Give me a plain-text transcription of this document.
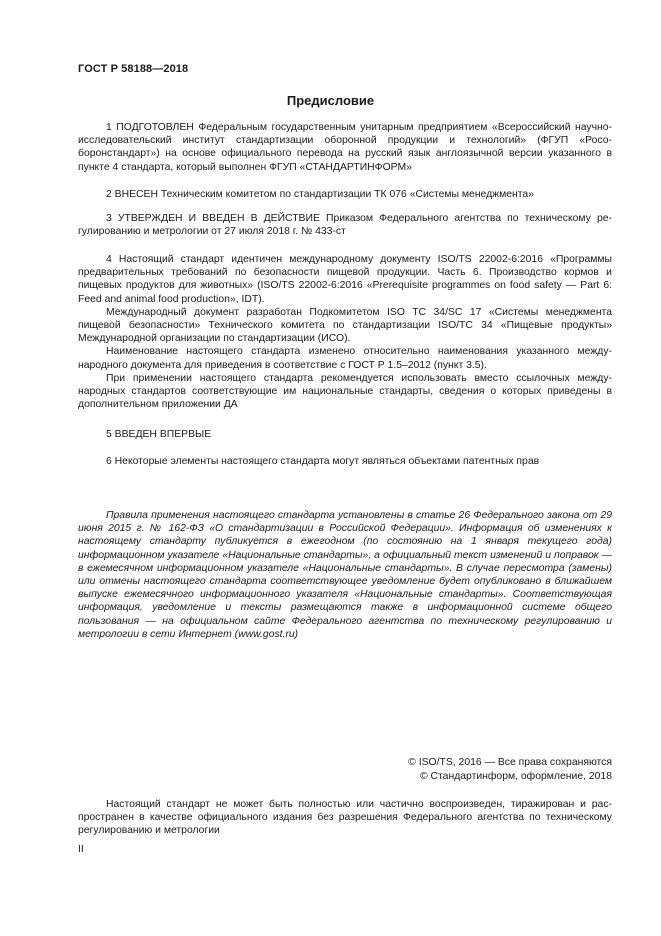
ГОСТ Р 58188—2018
Предисловие

1 ПОДГОТОВЛЕН Федеральным государственным унитарным предприятием «Всероссийский научно-исследовательский институт стандартизации оборонной продукции и технологий» (ФГУП «Рособоронстандарт») на основе официального перевода на русский язык англоязычной версии указанного в пункте 4 стандарта, который выполнен ФГУП «СТАНДАРТИНФОРМ»

2 ВНЕСЕН Техническим комитетом по стандартизации ТК 076 «Системы менеджмента»

3 УТВЕРЖДЕН И ВВЕДЕН В ДЕЙСТВИЕ Приказом Федерального агентства по техническому регулированию и метрологии от 27 июля 2018 г. № 433-ст

4 Настоящий стандарт идентичен международному документу ISO/TS 22002-6:2016 «Программы предварительных требований по безопасности пищевой продукции. Часть 6. Производство кормов и пищевых продуктов для животных» (ISO/TS 22002-6:2016 «Prerequisite programmes on food safety — Part 6: Feed and animal food production», IDT).

Международный документ разработан Подкомитетом ISO TC 34/SC 17 «Системы менеджмента пищевой безопасности» Технического комитета по стандартизации ISO/TC 34 «Пищевые продукты» Международной организации по стандартизации (ИСО).

Наименование настоящего стандарта изменено относительно наименования указанного международного документа для приведения в соответствие с ГОСТ Р 1.5–2012 (пункт 3.5).

При применении настоящего стандарта рекомендуется использовать вместо ссылочных международных стандартов соответствующие им национальные стандарты, сведения о которых приведены в дополнительном приложении ДА

5 ВВЕДЕН ВПЕРВЫЕ

6 Некоторые элементы настоящего стандарта могут являться объектами патентных прав

Правила применения настоящего стандарта установлены в статье 26 Федерального закона от 29 июня 2015 г. № 162-ФЗ «О стандартизации в Российской Федерации». Информация об изменениях к настоящему стандарту публикуется в ежегодном (по состоянию на 1 января текущего года) информационном указателе «Национальные стандарты», а официальный текст изменений и поправок — в ежемесячном информационном указателе «Национальные стандарты». В случае пересмотра (замены) или отмены настоящего стандарта соответствующее уведомление будет опубликовано в ближайшем выпуске ежемесячного информационного указателя «Национальные стандарты». Соответствующая информация, уведомление и тексты размещаются также в информационной системе общего пользования — на официальном сайте Федерального агентства по техническому регулированию и метрологии в сети Интернет (www.gost.ru)

© ISO/TS, 2016 — Все права сохраняются
© Стандартинформ, оформление, 2018

Настоящий стандарт не может быть полностью или частично воспроизведен, тиражирован и распространен в качестве официального издания без разрешения Федерального агентства по техническому регулированию и метрологии

II
